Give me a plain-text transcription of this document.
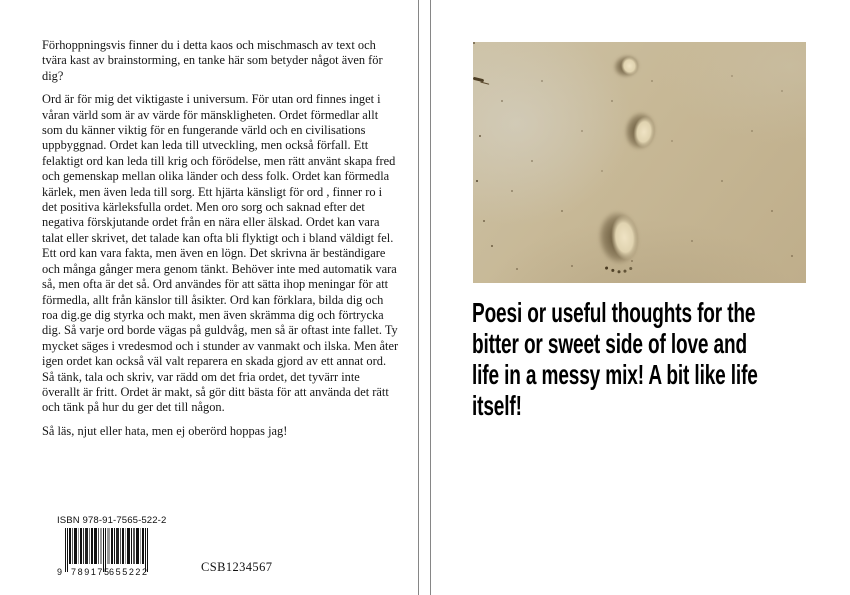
Förhoppningsvis finner du i detta kaos och mischmasch av text och tvära kast av brainstorming, en tanke här som betyder något även för dig?

Ord är för mig det viktigaste i universum. För utan ord finnes inget i våran värld som är av värde för mänskligheten. Ordet förmedlar allt som du känner viktig för en fungerande värld och en civilisations uppbyggnad. Ordet kan leda till utveckling, men också förfall. Ett felaktigt ord kan leda till krig och förödelse, men rätt använt skapa fred och gemenskap mellan olika länder och dess folk. Ordet kan förmedla kärlek, men även leda till sorg. Ett hjärta känsligt för ord , finner ro i det positiva kärleksfulla ordet. Men oro sorg och saknad efter det negativa förskjutande ordet från en nära eller älskad. Ordet kan vara talat eller skrivet, det talade kan ofta bli flyktigt och i bland väldigt fel. Ett ord kan vara fakta, men även en lögn. Det skrivna är beständigare och många gånger mera genom tänkt. Behöver inte med automatik vara så, men ofta är det så. Ord användes för att sätta ihop meningar för att förmedla, allt från känslor till åsikter. Ord kan förklara, bilda dig och roa dig.ge dig styrka och makt, men även skrämma dig och förtrycka dig. Så varje ord borde vägas på guldvåg, men så är oftast inte fallet. Ty mycket säges i vredesmod och i stunder av vanmakt och ilska. Men åter igen ordet kan också väl valt reparera en skada gjord av ett annat ord. Så tänk, tala och skriv, var rädd om det fria ordet, det tyvärr inte överallt är fritt. Ordet är makt, så gör ditt bästa för att använda det rätt och tänk på hur du ger det till någon.

Så läs, njut eller hata, men ej oberörd hoppas jag!

ISBN 978-91-7565-522-2
9 789175
655222	CSB1234567
Poesi or useful thoughts for the
bitter or sweet side of love and
life in a messy mix! A bit like life
itself!
